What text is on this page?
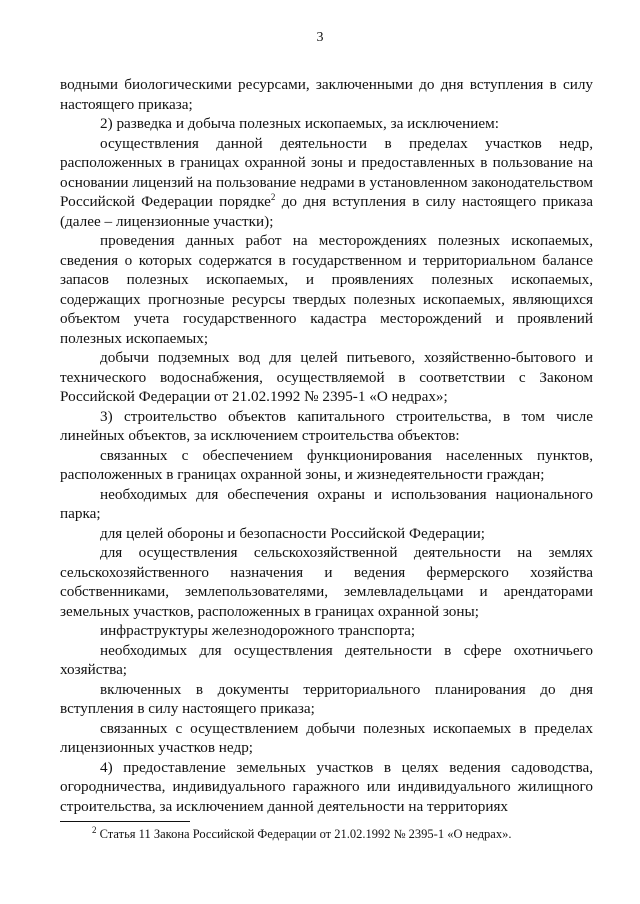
3

водными биологическими ресурсами, заключенными до дня вступления в силу настоящего приказа;

2) разведка и добыча полезных ископаемых, за исключением:

осуществления данной деятельности в пределах участков недр, расположенных в границах охранной зоны и предоставленных в пользование на основании лицензий на пользование недрами в установленном законодательством Российской Федерации порядке$^2$ до дня вступления в силу настоящего приказа (далее – лицензионные участки);

проведения данных работ на месторождениях полезных ископаемых, сведения о которых содержатся в государственном и территориальном балансе запасов полезных ископаемых, и проявлениях полезных ископаемых, содержащих прогнозные ресурсы твердых полезных ископаемых, являющихся объектом учета государственного кадастра месторождений и проявлений полезных ископаемых;

добычи подземных вод для целей питьевого, хозяйственно-бытового и технического водоснабжения, осуществляемой в соответствии с Законом Российской Федерации от 21.02.1992 № 2395-1 «О недрах»;

3) строительство объектов капитального строительства, в том числе линейных объектов, за исключением строительства объектов:

связанных с обеспечением функционирования населенных пунктов, расположенных в границах охранной зоны, и жизнедеятельности граждан;

необходимых для обеспечения охраны и использования национального парка;

для целей обороны и безопасности Российской Федерации;

для осуществления сельскохозяйственной деятельности на землях сельскохозяйственного назначения и ведения фермерского хозяйства собственниками, землепользователями, землевладельцами и арендаторами земельных участков, расположенных в границах охранной зоны;

инфраструктуры железнодорожного транспорта;

необходимых для осуществления деятельности в сфере охотничьего хозяйства;

включенных в документы территориального планирования до дня вступления в силу настоящего приказа;

связанных с осуществлением добычи полезных ископаемых в пределах лицензионных участков недр;

4) предоставление земельных участков в целях ведения садоводства, огородничества, индивидуального гаражного или индивидуального жилищного строительства, за исключением данной деятельности на территориях

$^2$ Статья 11 Закона Российской Федерации от 21.02.1992 № 2395-1 «О недрах».
